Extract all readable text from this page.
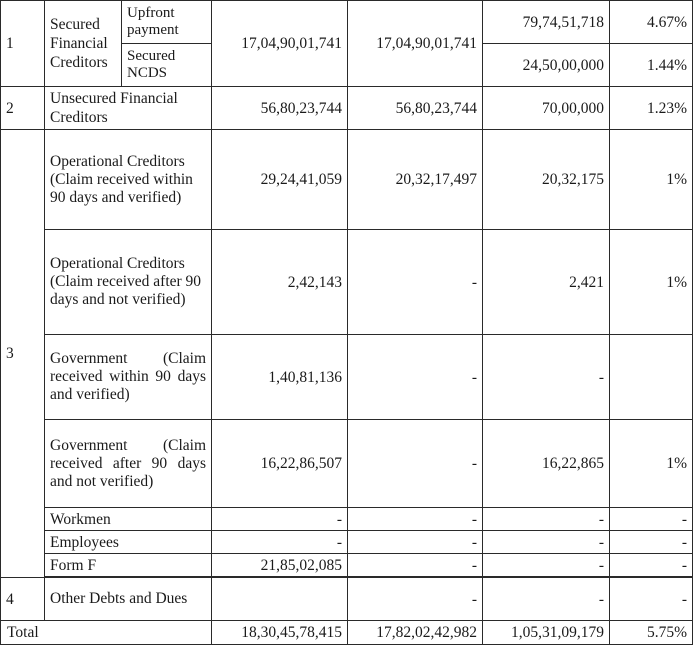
1	Secured Financial Creditors	Upfront payment	17,04,90,01,741	17,04,90,01,741	79,74,51,718	4.67%
		Secured NCDS			24,50,00,000	1.44%
2	Unsecured Financial Creditors		56,80,23,744	56,80,23,744	70,00,000	1.23%
3	Operational Creditors (Claim received within 90 days and verified)		29,24,41,059	20,32,17,497	20,32,175	1%
	Operational Creditors (Claim received after 90 days and not verified)		2,42,143	-	2,421	1%
	Government (Claim received within 90 days and verified)		1,40,81,136	-	-	
	Government (Claim received after 90 days and not verified)		16,22,86,507	-	16,22,865	1%
	Workmen		-	-	-	-
	Employees		-	-	-	-
	Form F		21,85,02,085	-	-	-

4	Other Debts and Dues			-	-	-
Total			18,30,45,78,415	17,82,02,42,982	1,05,31,09,179	5.75%
